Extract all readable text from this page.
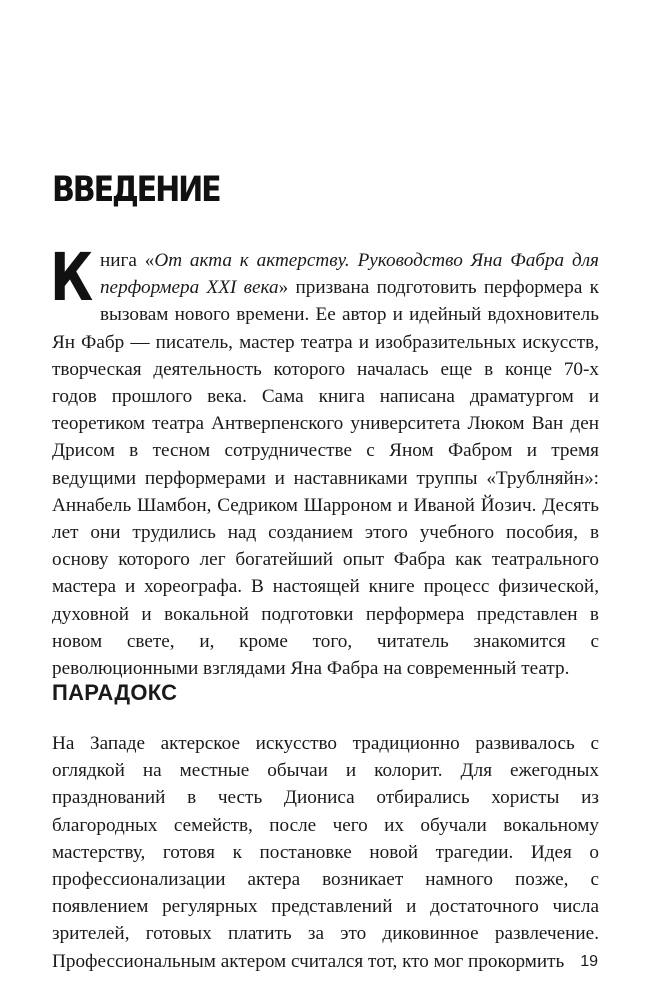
ВВЕДЕНИЕ

Книга «От акта к актерству. Руководство Яна Фабра для перформера XXI века» призвана подготовить перформера к вызовам нового времени. Ее автор и идейный вдохновитель Ян Фабр — писатель, мастер театра и изобразительных искусств, творческая деятельность которого началась еще в конце 70-х годов прошлого века. Сама книга написана драматургом и теоретиком театра Антверпенского университета Люком Ван ден Дрисом в тесном сотрудничестве с Яном Фабром и тремя ведущими перформерами и наставниками труппы «Трублняйн»: Аннабель Шамбон, Седриком Шарроном и Иваной Йозич. Десять лет они трудились над созданием этого учебного пособия, в основу которого лег богатейший опыт Фабра как театрального мастера и хореографа. В настоящей книге процесс физической, духовной и вокальной подготовки перформера представлен в новом свете, и, кроме того, читатель знакомится с революционными взглядами Яна Фабра на современный театр.

ПАРАДОКС

На Западе актерское искусство традиционно развивалось с оглядкой на местные обычаи и колорит. Для ежегодных празднований в честь Диониса отбирались хористы из благородных семейств, после чего их обучали вокальному мастерству, готовя к постановке новой трагедии. Идея о профессионализации актера возникает намного позже, с появлением регулярных представлений и достаточного числа зрителей, готовых платить за это диковинное развлечение. Профессиональным актером считался тот, кто мог прокормить 19
